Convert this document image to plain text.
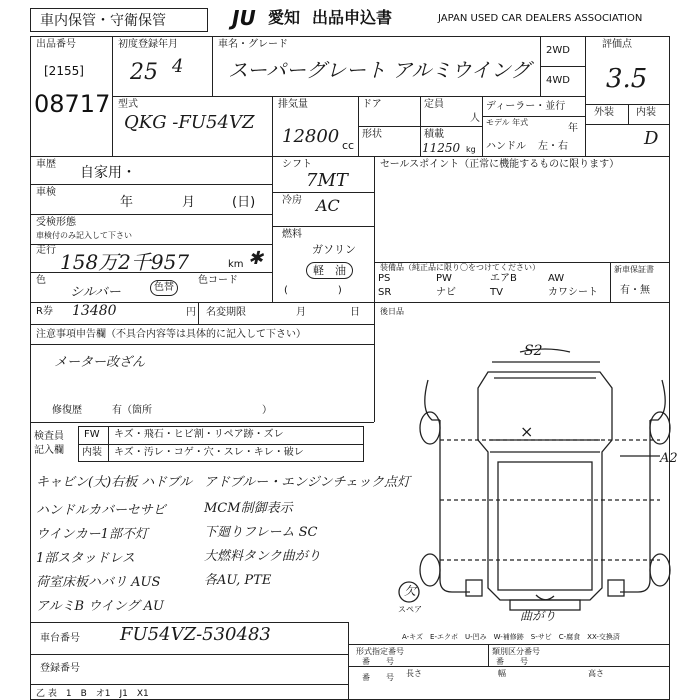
車内保管・守衛保管	JU 愛知 出品申込書	JAPAN USED CAR DEALERS ASSOCIATION
出品番号
[2155]
08717
初度登録年月
25 4
車名・グレード
スーパーグレート アルミウイング
2WD
4WD
評価点
3.5
外装 内装
D
型式
QKG -FU54VZ
排気量
12800 cc
ドア	定員
人
形状	積載
11250 kg
ディーラー・並行
モデル 年式
年
ハンドル 左・右
車歴
自家用・
車検
年	月	(日)
受検形態
車検付のみ記入して下さい
走行 158万2千957	km ✱
色
シルバー	色替
色コード
シフト
7MT
冷房 AC
燃料
ガソリン
軽　油
(　　　　　)
R券 13480	円 名変期限	月	日
セールスポイント（正常に機能するものに限ります）
装備品（純正品に限り〇をつけてください）	新車保証書
有・無
PS	PW	エアB	AW
SR	ナビ	TV	カワシート
後日品
注意事項申告欄（不具合内容等は具体的に記入して下さい）
メーター改ざん
修復歴	有（箇所　　　　　　　　　　　）
検査員
記入欄
FW キズ・飛石・ヒビ割・リペア跡・ズレ
内装 キズ・汚レ・コゲ・穴・スレ・キレ・破レ
キャビン(大)右板 ハドブル
ハンドルカバーセサビ
ウインカー1部不灯
1部スタッドレス
荷室床板ハバリ AUS
アルミB ウイング AU
アドブルー・エンジンチェック点灯
MCM制御表示
下廻りフレーム SC
大燃料タンク曲がり
各AU, PTE
S2
A2
×
欠
スペア	曲がり
A-キズ　E-エクボ　U-凹み　W-補修跡　S-サビ　C-腐食　XX-交換済
車台番号 FU54VZ-530483
登録番号
乙 表　1　B　オ1　J1　X1
形式指定番号
番　　号
類別区分番号
番　　号
長さ	幅	高さ
番　　号
